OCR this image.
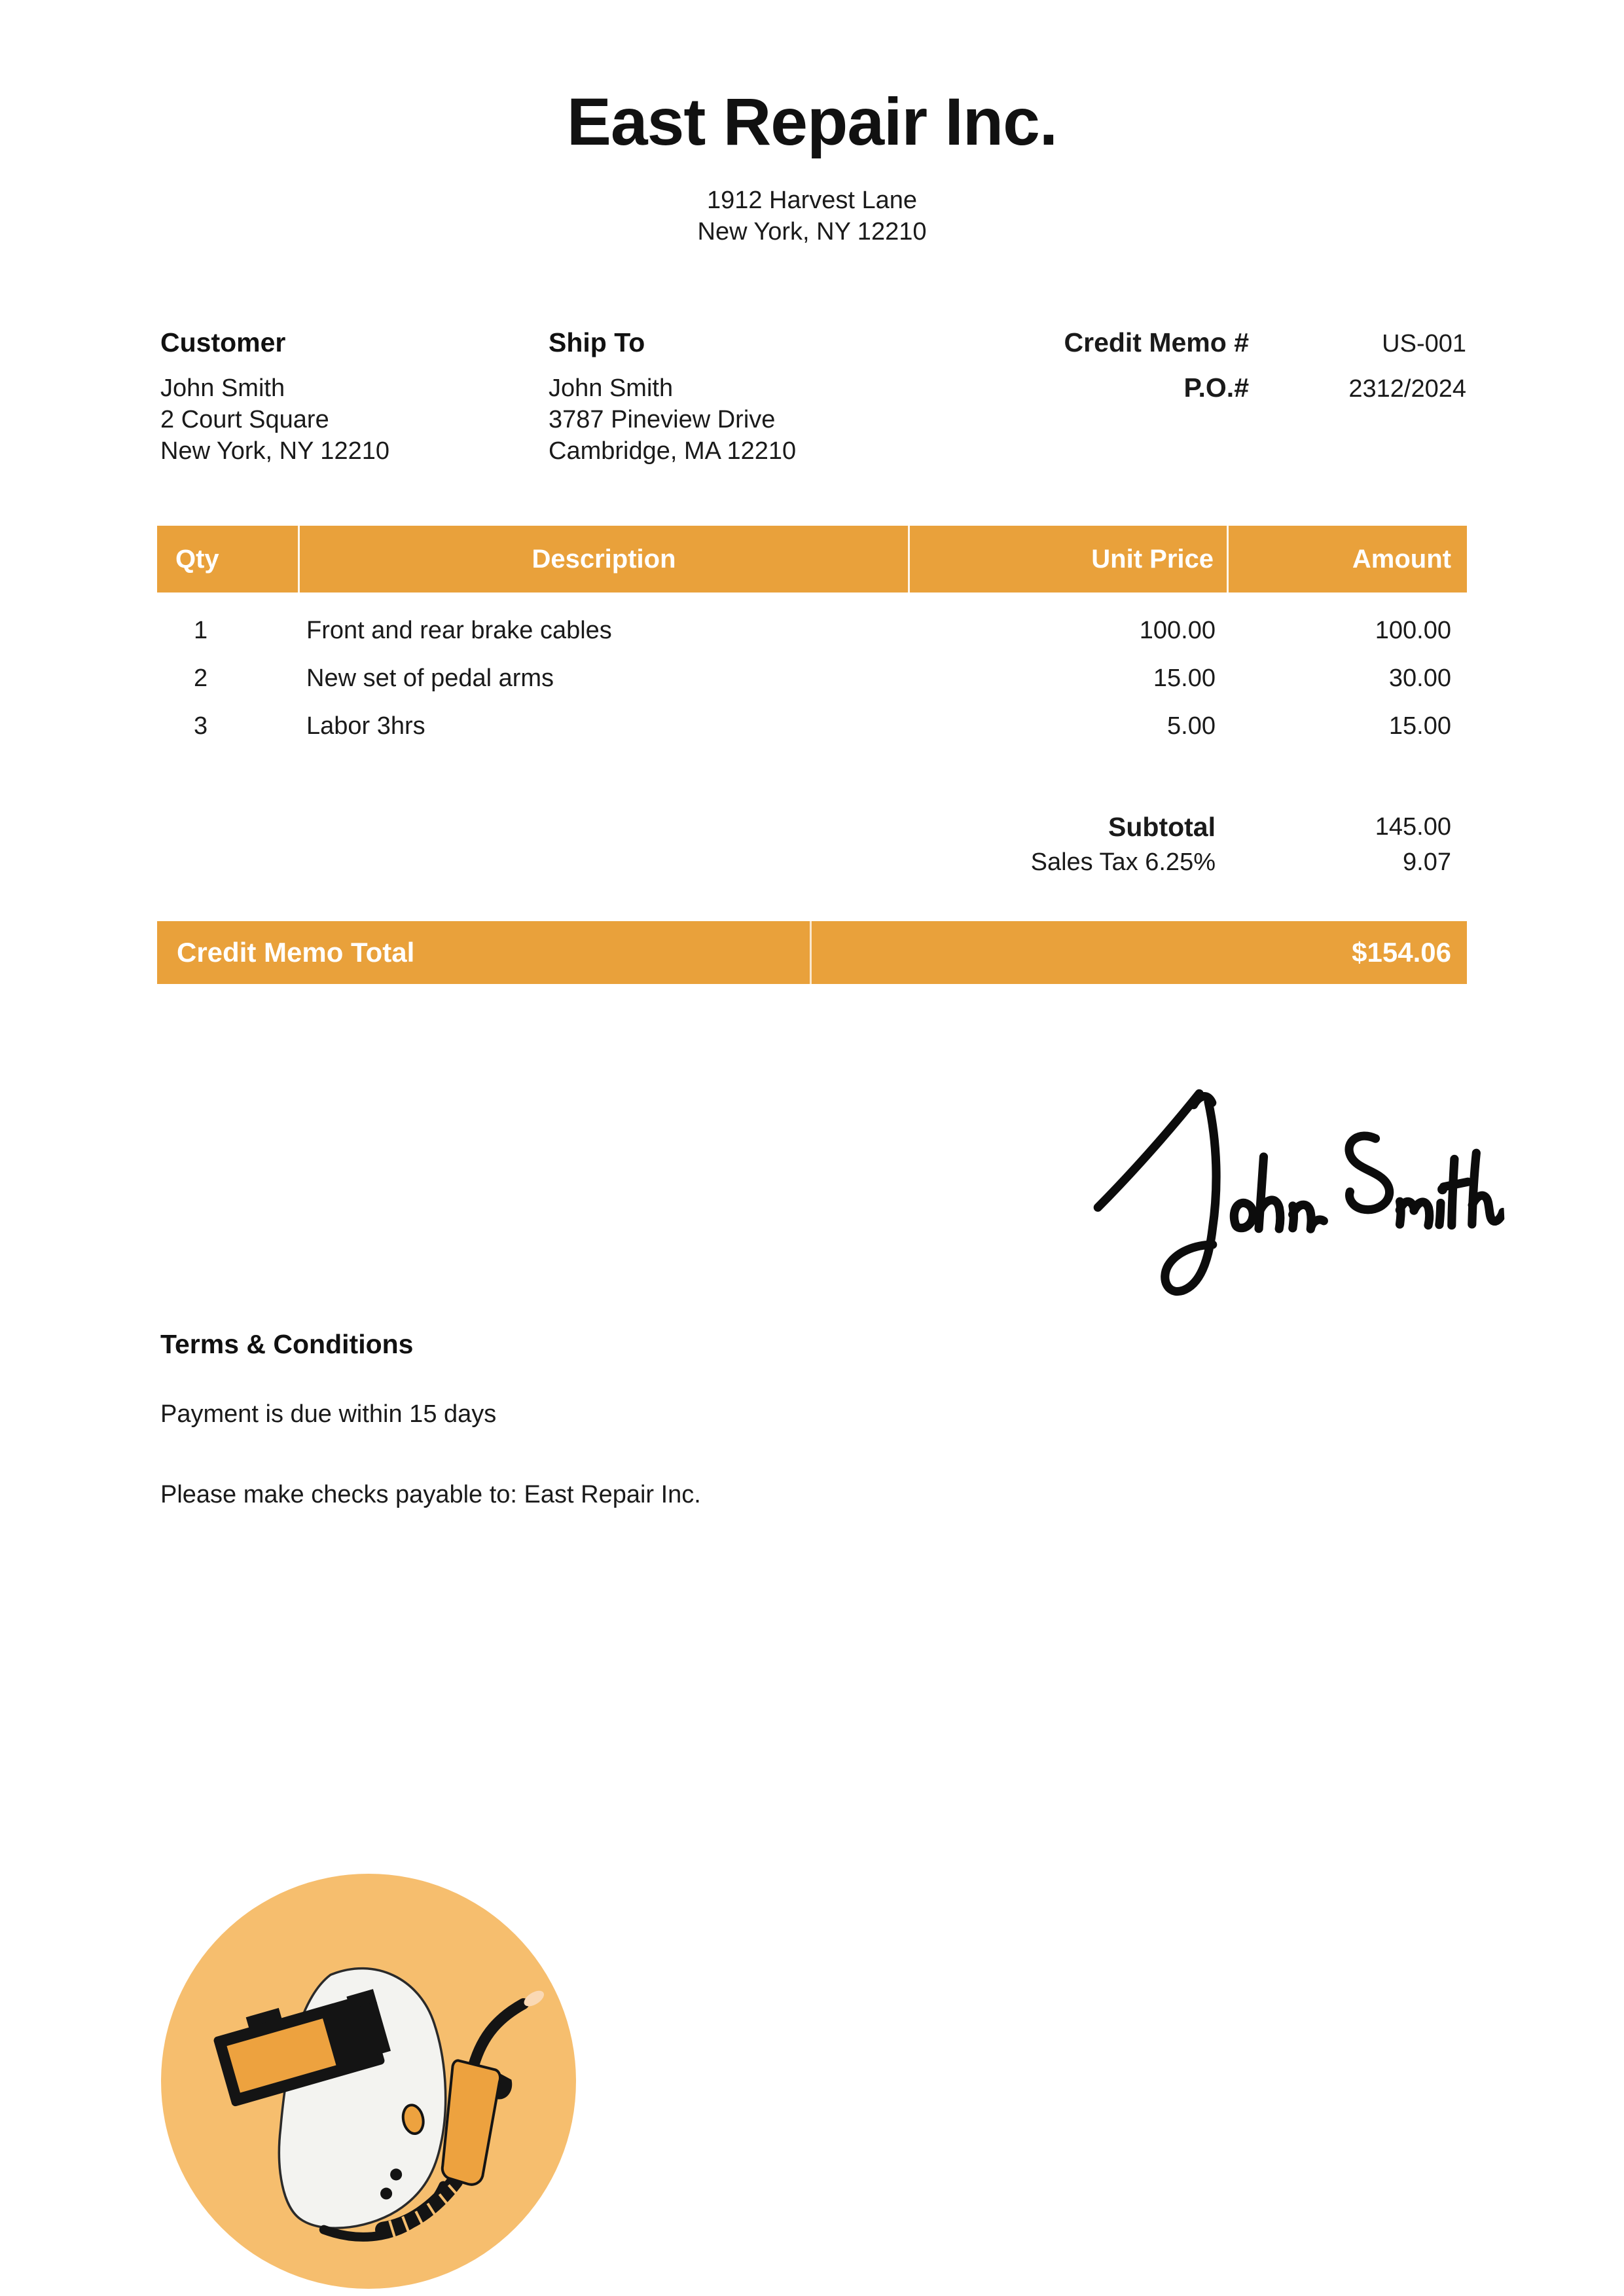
East Repair Inc.
1912 Harvest Lane
New York, NY 12210
Customer
John Smith
2 Court Square
New York, NY 12210
Ship To
John Smith
3787 Pineview Drive
Cambridge, MA 12210
Credit Memo #	US-001
P.O.#	2312/2024
Qty	Description	Unit Price	Amount
1	Front and rear brake cables	100.00	100.00
2	New set of pedal arms	15.00	30.00
3	Labor 3hrs	5.00	15.00
Subtotal	145.00
Sales Tax 6.25%	9.07
Credit Memo Total	$154.06
Terms & Conditions
Payment is due within 15 days
Please make checks payable to: East Repair Inc.
